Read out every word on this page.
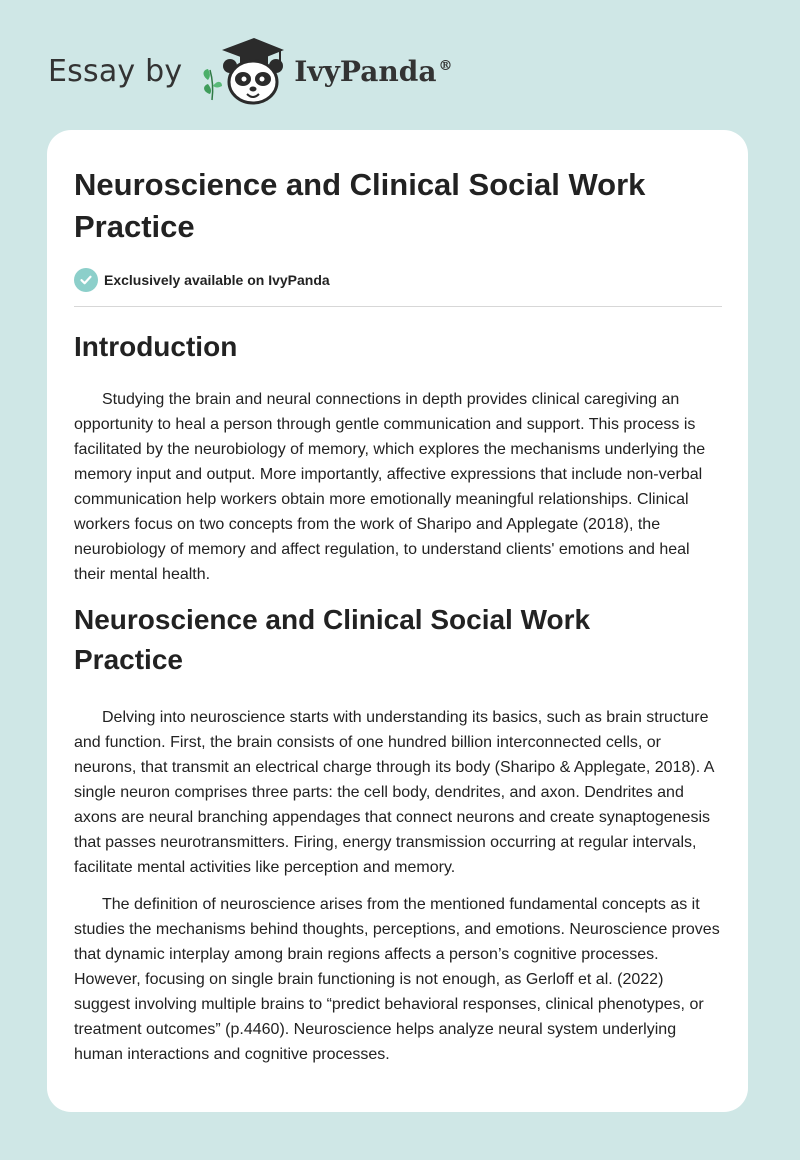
Essay by	IvyPanda ®
Neuroscience and Clinical Social Work Practice
Exclusively available on IvyPanda
Introduction

Studying the brain and neural connections in depth provides clinical caregiving an opportunity to heal a person through gentle communication and support. This process is facilitated by the neurobiology of memory, which explores the mechanisms underlying the memory input and output. More importantly, affective expressions that include non-verbal communication help workers obtain more emotionally meaningful relationships. Clinical workers focus on two concepts from the work of Sharipo and Applegate (2018), the neurobiology of memory and affect regulation, to understand clients' emotions and heal their mental health.

Neuroscience and Clinical Social Work Practice

Delving into neuroscience starts with understanding its basics, such as brain structure and function. First, the brain consists of one hundred billion interconnected cells, or neurons, that transmit an electrical charge through its body (Sharipo & Applegate, 2018). A single neuron comprises three parts: the cell body, dendrites, and axon. Dendrites and axons are neural branching appendages that connect neurons and create synaptogenesis that passes neurotransmitters. Firing, energy transmission occurring at regular intervals, facilitate mental activities like perception and memory.

The definition of neuroscience arises from the mentioned fundamental concepts as it studies the mechanisms behind thoughts, perceptions, and emotions. Neuroscience proves that dynamic interplay among brain regions affects a person’s cognitive processes. However, focusing on single brain functioning is not enough, as Gerloff et al. (2022) suggest involving multiple brains to “predict behavioral responses, clinical phenotypes, or treatment outcomes” (p.4460). Neuroscience helps analyze neural system underlying human interactions and cognitive processes.
